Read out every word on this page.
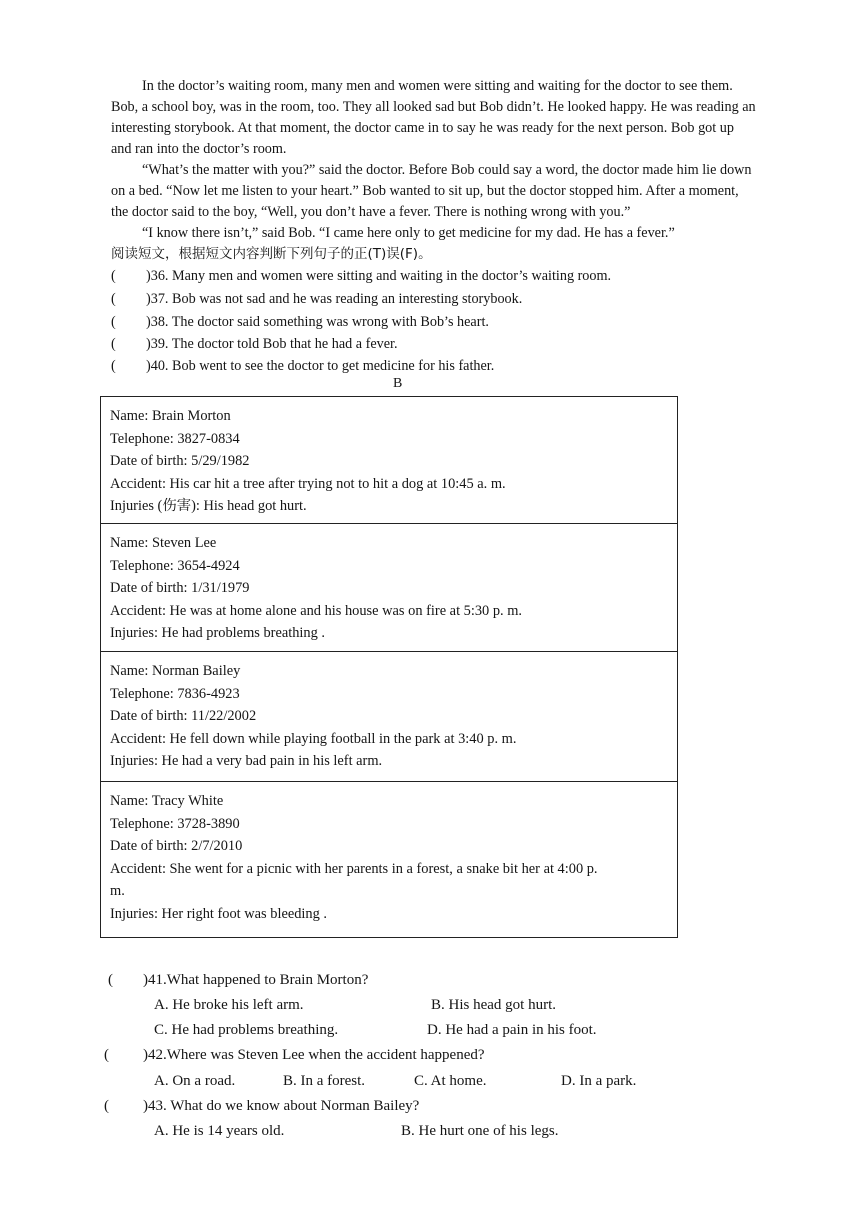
In the doctor’s waiting room, many men and women were sitting and waiting for the doctor to see them.
Bob, a school boy, was in the room, too. They all looked sad but Bob didn’t. He looked happy. He was reading an
interesting storybook. At that moment, the doctor came in to say he was ready for the next person. Bob got up
and ran into the doctor’s room.
“What’s the matter with you?” said the doctor. Before Bob could say a word, the doctor made him lie down
on a bed. “Now let me listen to your heart.” Bob wanted to sit up, but the doctor stopped him. After a moment,
the doctor said to the boy, “Well, you don’t have a fever. There is nothing wrong with you.”
“I know there isn’t,” said Bob. “I came here only to get medicine for my dad. He has a fever.”
阅读短文，根据短文内容判断下列句子的正(T)误(F)。
( )36. Many men and women were sitting and waiting in the doctor’s waiting room.
( )37. Bob was not sad and he was reading an interesting storybook.
( )38. The doctor said something was wrong with Bob’s heart.
( )39. The doctor told Bob that he had a fever.
( )40. Bob went to see the doctor to get medicine for his father.
B
Name: Brain Morton
Telephone: 3827-0834
Date of birth: 5/29/1982
Accident: His car hit a tree after trying not to hit a dog at 10:45 a. m.
Injuries (伤害): His head got hurt.
Name: Steven Lee
Telephone: 3654-4924
Date of birth: 1/31/1979
Accident: He was at home alone and his house was on fire at 5:30 p. m.
Injuries: He had problems breathing .
Name: Norman Bailey
Telephone: 7836-4923
Date of birth: 11/22/2002
Accident: He fell down while playing football in the park at 3:40 p. m.
Injuries: He had a very bad pain in his left arm.
Name: Tracy White
Telephone: 3728-3890
Date of birth: 2/7/2010
Accident: She went for a picnic with her parents in a forest, a snake bit her at 4:00 p.
m.
Injuries: Her right foot was bleeding .
( )41.What happened to Brain Morton?
A. He broke his left arm.	B. His head got hurt.
C. He had problems breathing.	D. He had a pain in his foot.
( )42.Where was Steven Lee when the accident happened?
A. On a road.	B. In a forest.	C. At home.	D. In a park.
( )43. What do we know about Norman Bailey?
A. He is 14 years old.	B. He hurt one of his legs.
